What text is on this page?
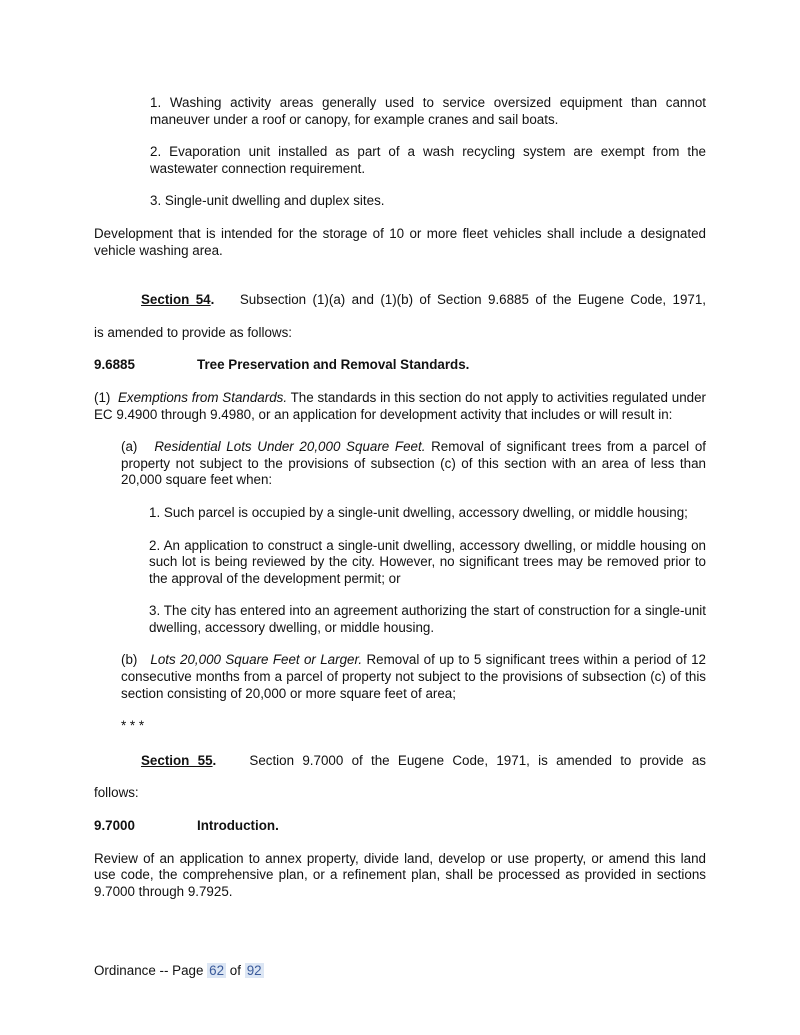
1. Washing activity areas generally used to service oversized equipment than cannot maneuver under a roof or canopy, for example cranes and sail boats.

2. Evaporation unit installed as part of a wash recycling system are exempt from the wastewater connection requirement.

3. Single-unit dwelling and duplex sites.

Development that is intended for the storage of 10 or more fleet vehicles shall include a designated vehicle washing area.

Section 54. Subsection (1)(a) and (1)(b) of Section 9.6885 of the Eugene Code, 1971,

is amended to provide as follows:

9.6885	Tree Preservation and Removal Standards.

(1) Exemptions from Standards. The standards in this section do not apply to activities regulated under EC 9.4900 through 9.4980, or an application for development activity that includes or will result in:

(a) Residential Lots Under 20,000 Square Feet. Removal of significant trees from a parcel of property not subject to the provisions of subsection (c) of this section with an area of less than 20,000 square feet when:

1. Such parcel is occupied by a single-unit dwelling, accessory dwelling, or middle housing;

2. An application to construct a single-unit dwelling, accessory dwelling, or middle housing on such lot is being reviewed by the city. However, no significant trees may be removed prior to the approval of the development permit; or

3. The city has entered into an agreement authorizing the start of construction for a single-unit dwelling, accessory dwelling, or middle housing.

(b) Lots 20,000 Square Feet or Larger. Removal of up to 5 significant trees within a period of 12 consecutive months from a parcel of property not subject to the provisions of subsection (c) of this section consisting of 20,000 or more square feet of area;

* * *

Section 55. Section 9.7000 of the Eugene Code, 1971, is amended to provide as

follows:

9.7000	Introduction.

Review of an application to annex property, divide land, develop or use property, or amend this land use code, the comprehensive plan, or a refinement plan, shall be processed as provided in sections 9.7000 through 9.7925.

Ordinance -- Page 62 of 92
